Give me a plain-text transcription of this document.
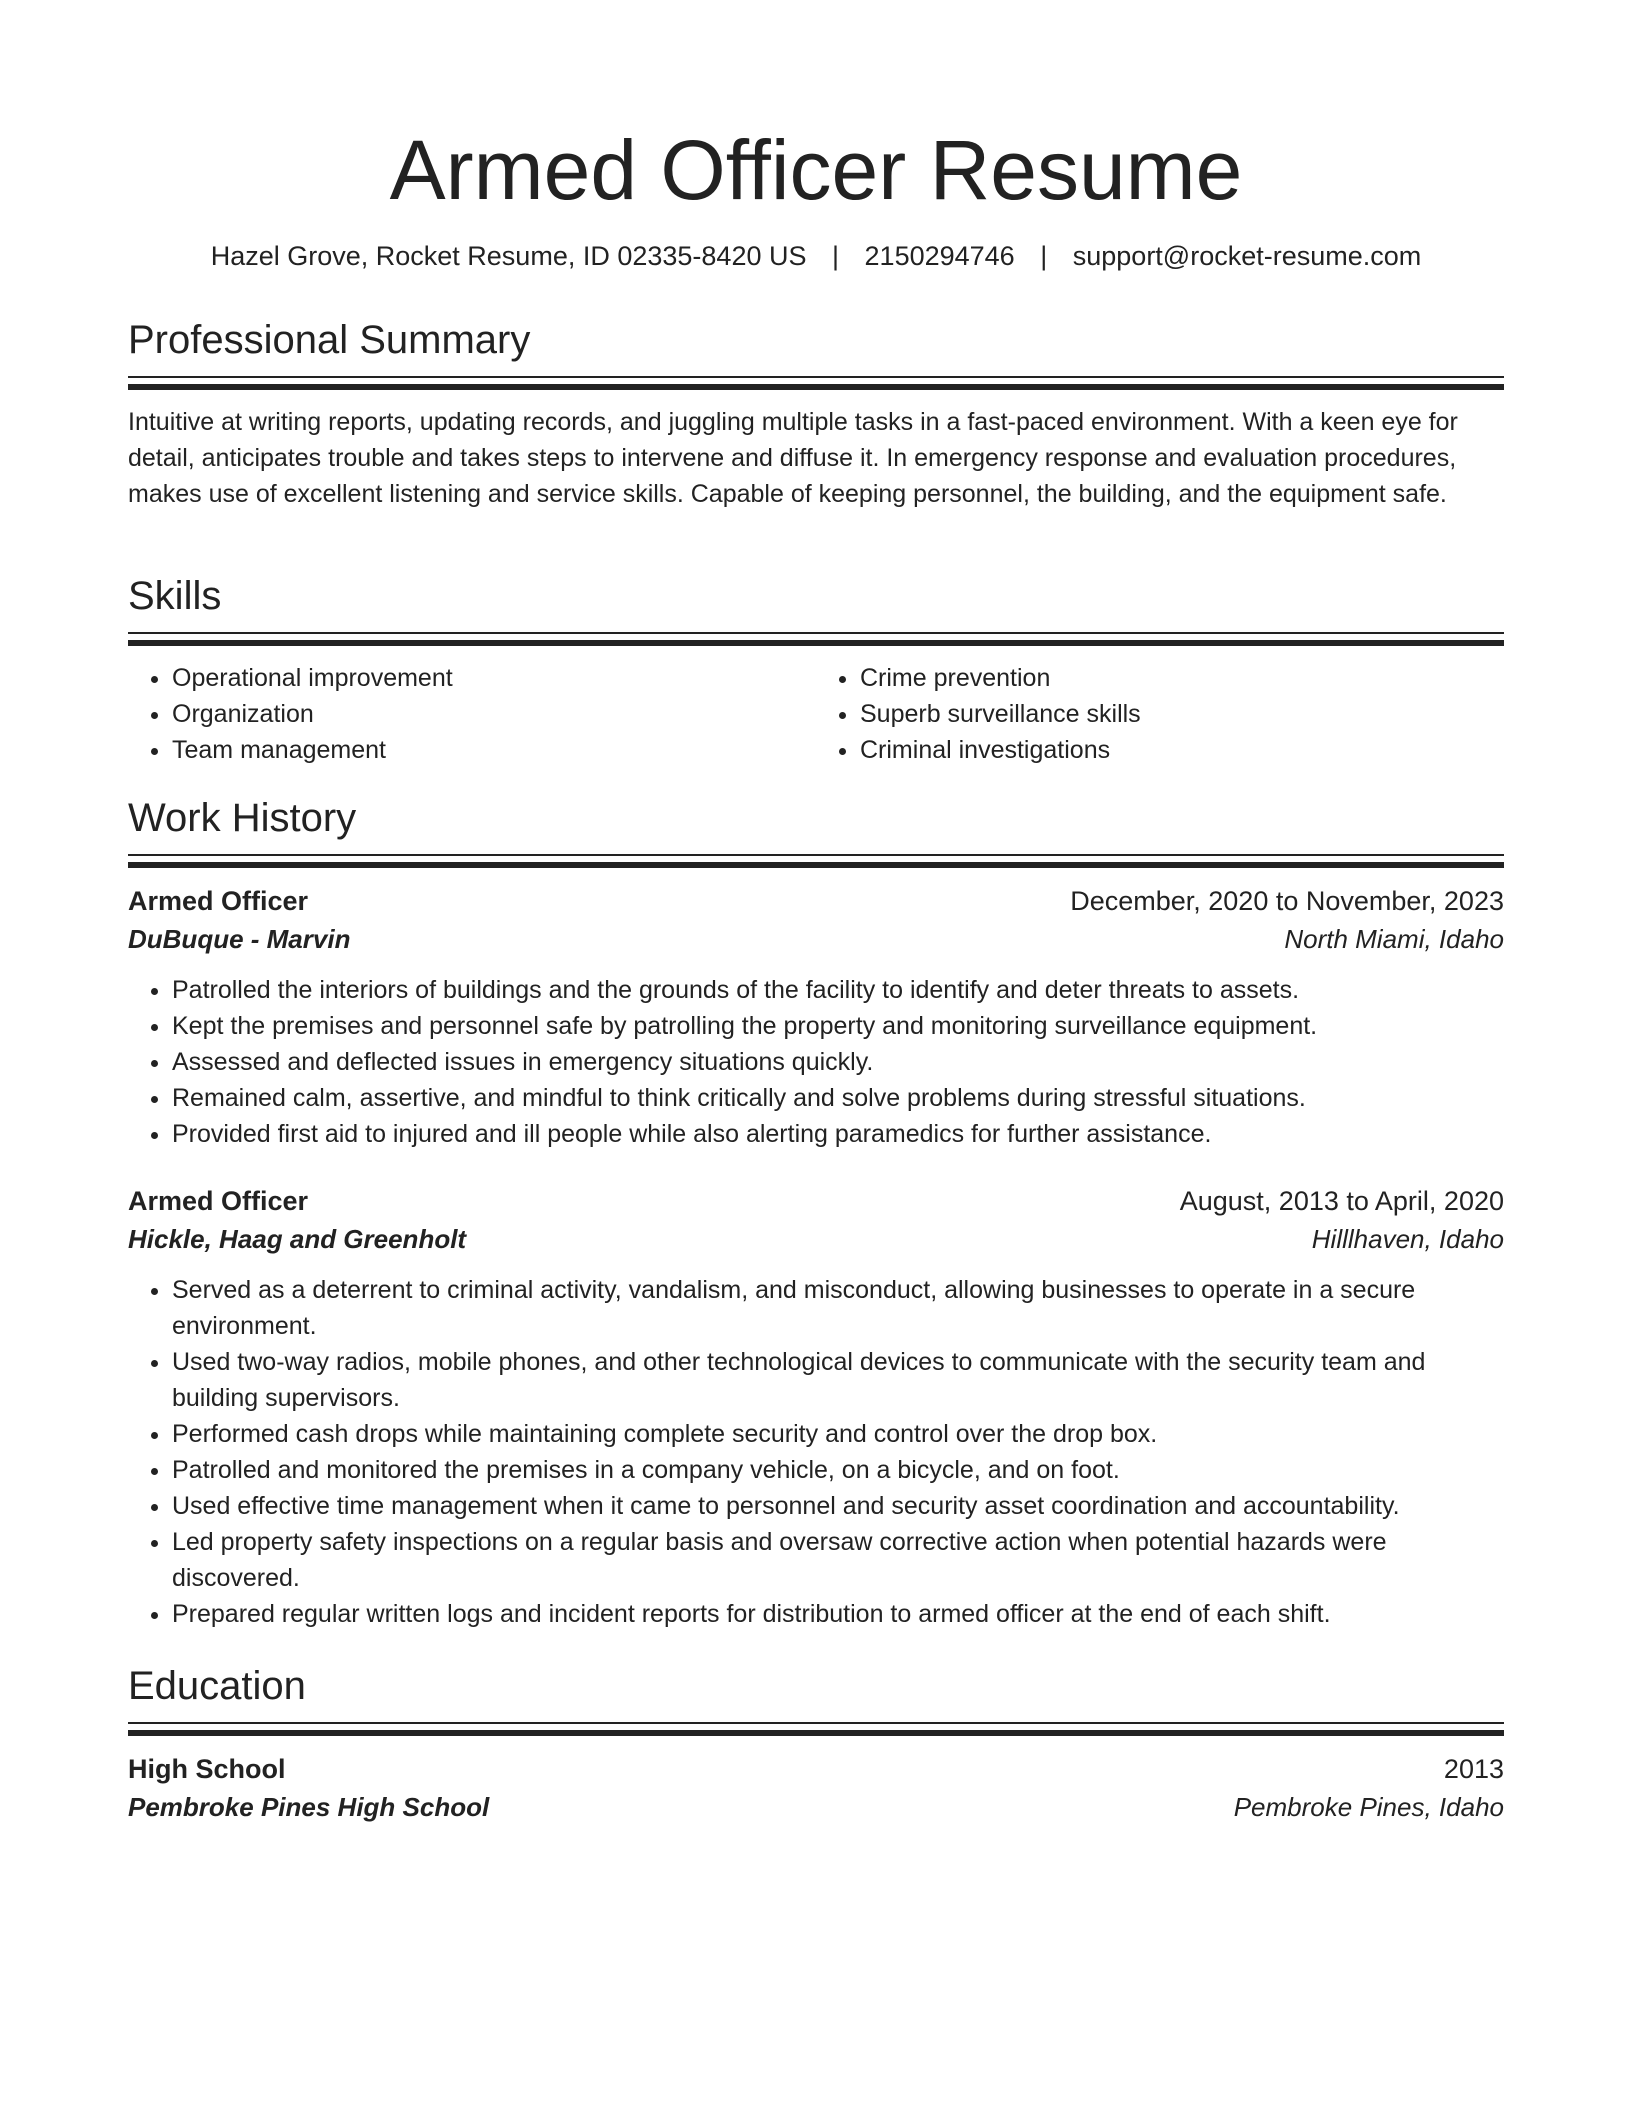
Armed Officer Resume
Hazel Grove, Rocket Resume, ID 02335-8420 US | 2150294746 | support@rocket-resume.com
Professional Summary

Intuitive at writing reports, updating records, and juggling multiple tasks in a fast-paced environment. With a keen eye for detail, anticipates trouble and takes steps to intervene and diffuse it. In emergency response and evaluation procedures, makes use of excellent listening and service skills. Capable of keeping personnel, the building, and the equipment safe.

Skills
• Operational improvement
• Organization
• Team management
• Crime prevention
• Superb surveillance skills
• Criminal investigations
Work History
Armed Officer	December, 2020 to November, 2023
DuBuque - Marvin	North Miami, Idaho
• Patrolled the interiors of buildings and the grounds of the facility to identify and deter threats to assets.
• Kept the premises and personnel safe by patrolling the property and monitoring surveillance equipment.
• Assessed and deflected issues in emergency situations quickly.
• Remained calm, assertive, and mindful to think critically and solve problems during stressful situations.
• Provided first aid to injured and ill people while also alerting paramedics for further assistance.
Armed Officer	August, 2013 to April, 2020
Hickle, Haag and Greenholt	Hilllhaven, Idaho
• Served as a deterrent to criminal activity, vandalism, and misconduct, allowing businesses to operate in a secure environment.
• Used two-way radios, mobile phones, and other technological devices to communicate with the security team and building supervisors.
• Performed cash drops while maintaining complete security and control over the drop box.
• Patrolled and monitored the premises in a company vehicle, on a bicycle, and on foot.
• Used effective time management when it came to personnel and security asset coordination and accountability.
• Led property safety inspections on a regular basis and oversaw corrective action when potential hazards were discovered.
• Prepared regular written logs and incident reports for distribution to armed officer at the end of each shift.
Education
High School	2013
Pembroke Pines High School	Pembroke Pines, Idaho
